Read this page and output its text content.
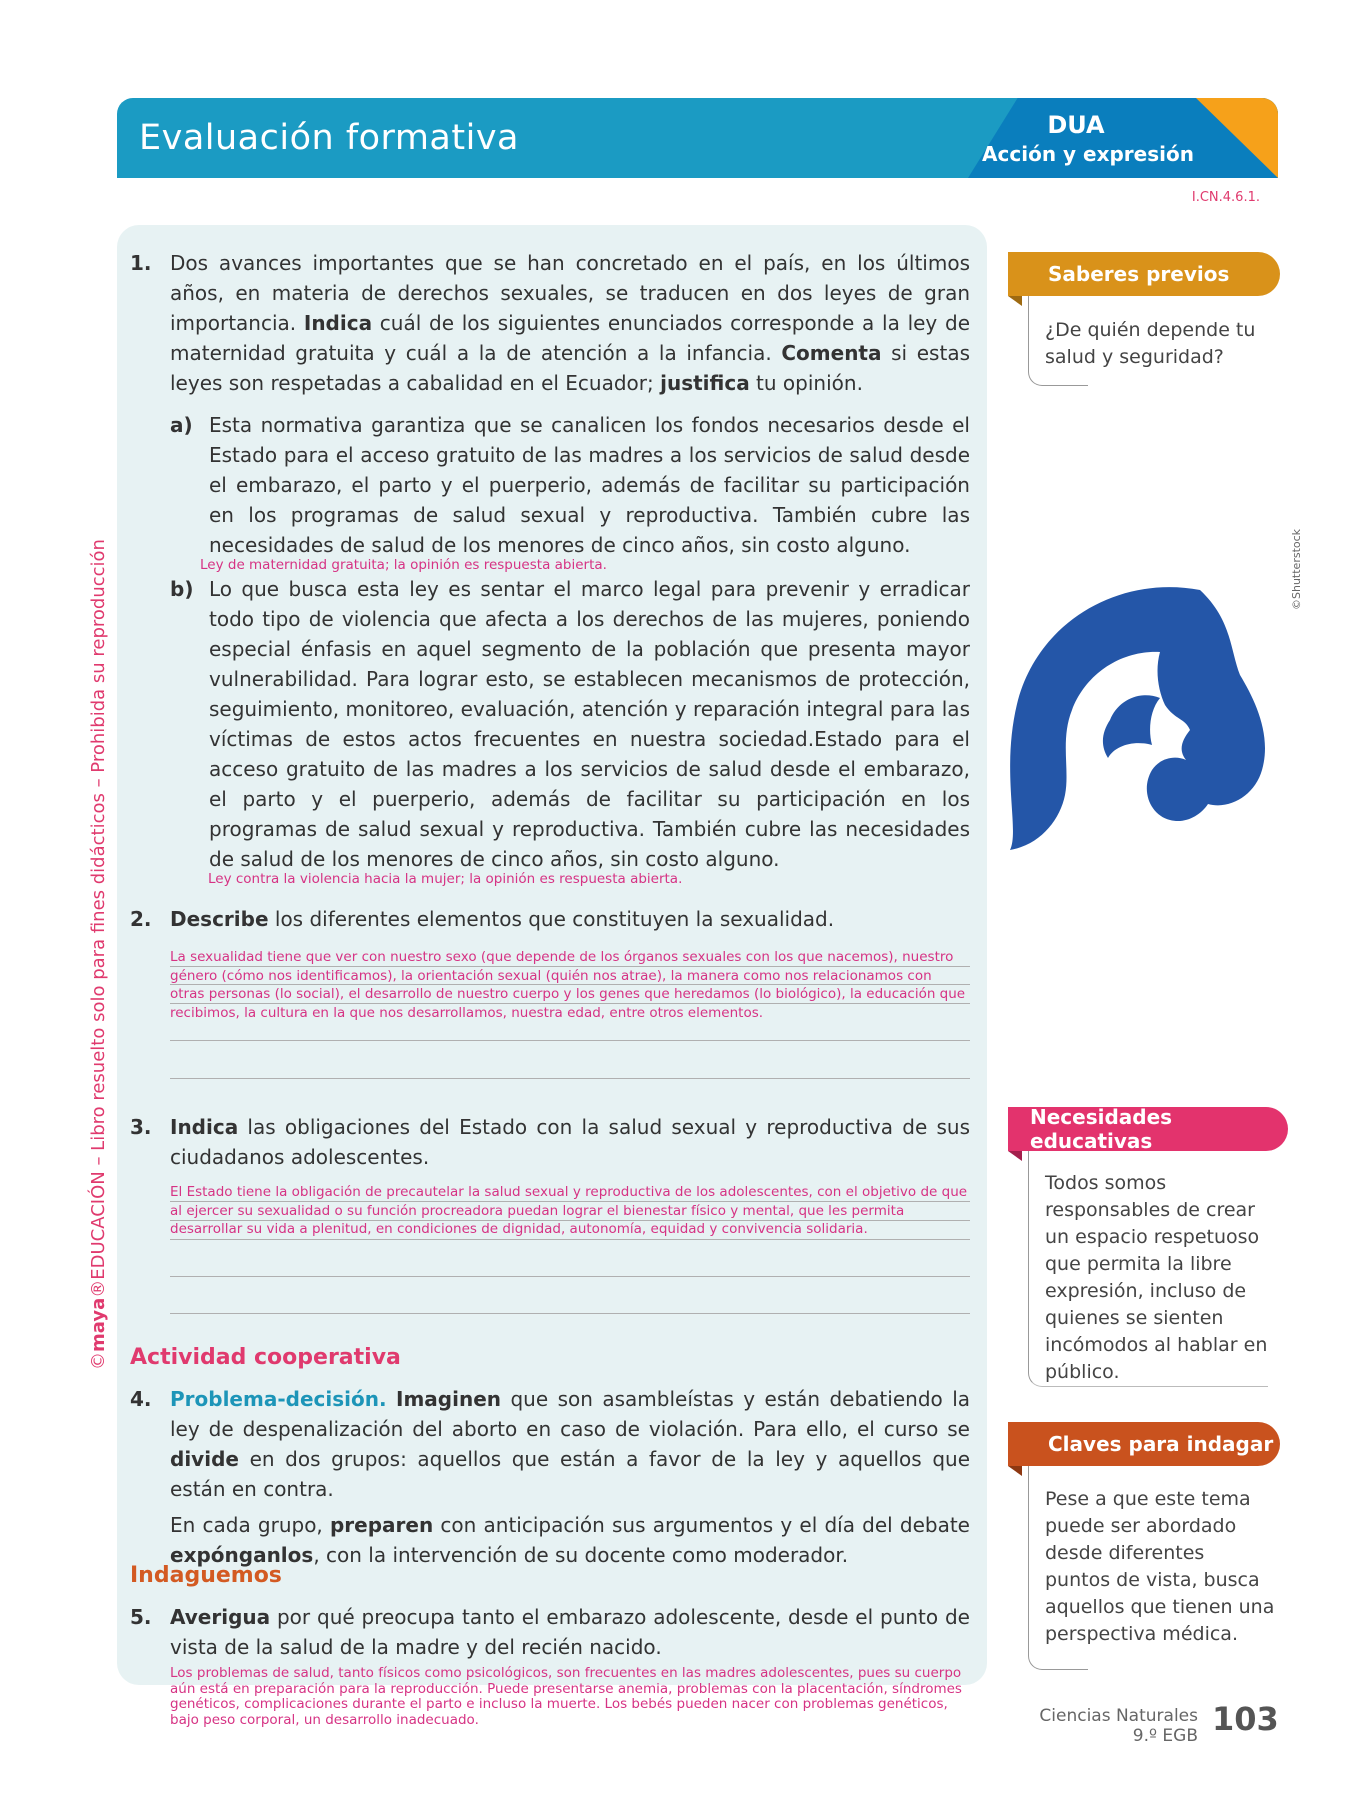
Evaluación formativa	DUA
Acción y expresión
I.CN.4.6.1.
©maya®EDUCACIÓN – Libro resuelto solo para fines didácticos – Prohibida su reproducción
1. Dos avances importantes que se han concretado en el país, en los últimos años, en materia de derechos sexuales, se traducen en dos leyes de gran importancia. Indica cuál de los siguientes enunciados corresponde a la ley de maternidad gratuita y cuál a la de atención a la infancia. Comenta si estas leyes son respetadas a cabalidad en el Ecuador; justifica tu opinión.
a) Esta normativa garantiza que se canalicen los fondos necesarios desde el Estado para el acceso gratuito de las madres a los servicios de salud desde el embarazo, el parto y el puerperio, además de facilitar su participación en los programas de salud sexual y reproductiva. También cubre las necesidades de salud de los menores de cinco años, sin costo alguno.
Ley de maternidad gratuita; la opinión es respuesta abierta.
b) Lo que busca esta ley es sentar el marco legal para prevenir y erradicar todo tipo de violencia que afecta a los derechos de las mujeres, poniendo especial énfasis en aquel segmento de la población que presenta mayor vulnerabilidad. Para lograr esto, se establecen mecanismos de protección, seguimiento, monitoreo, evaluación, atención y reparación integral para las víctimas de estos actos frecuentes en nuestra sociedad.Estado para el acceso gratuito de las madres a los servicios de salud desde el embarazo, el parto y el puerperio, además de facilitar su participación en los programas de salud sexual y reproductiva. También cubre las necesidades de salud de los menores de cinco años, sin costo alguno.
Ley contra la violencia hacia la mujer; la opinión es respuesta abierta.
2. Describe los diferentes elementos que constituyen la sexualidad.
La sexualidad tiene que ver con nuestro sexo (que depende de los órganos sexuales con los que nacemos), nuestro género (cómo nos identificamos), la orientación sexual (quién nos atrae), la manera como nos relacionamos con otras personas (lo social), el desarrollo de nuestro cuerpo y los genes que heredamos (lo biológico), la educación que recibimos, la cultura en la que nos desarrollamos, nuestra edad, entre otros elementos.
3. Indica las obligaciones del Estado con la salud sexual y reproductiva de sus ciudadanos adolescentes.
El Estado tiene la obligación de precautelar la salud sexual y reproductiva de los adolescentes, con el objetivo de que al ejercer su sexualidad o su función procreadora puedan lograr el bienestar físico y mental, que les permita desarrollar su vida a plenitud, en condiciones de dignidad, autonomía, equidad y convivencia solidaria.
Actividad cooperativa
4. Problema-decisión. Imaginen que son asambleístas y están debatiendo la ley de despenalización del aborto en caso de violación. Para ello, el curso se divide en dos grupos: aquellos que están a favor de la ley y aquellos que están en contra.
En cada grupo, preparen con anticipación sus argumentos y el día del debate expónganlos, con la intervención de su docente como moderador.
Indaguemos
5. Averigua por qué preocupa tanto el embarazo adolescente, desde el punto de vista de la salud de la madre y del recién nacido.
Los problemas de salud, tanto físicos como psicológicos, son frecuentes en las madres adolescentes, pues su cuerpo aún está en preparación para la reproducción. Puede presentarse anemia, problemas con la placentación, síndromes genéticos, complicaciones durante el parto e incluso la muerte. Los bebés pueden nacer con problemas genéticos, bajo peso corporal, un desarrollo inadecuado.
Saberes previos
¿De quién depende tu salud y seguridad?
©Shutterstock
Necesidades educativas
Todos somos responsables de crear un espacio respetuoso que permita la libre expresión, incluso de quienes se sienten incómodos al hablar en público.
Claves para indagar
Pese a que este tema puede ser abordado desde diferentes puntos de vista, busca aquellos que tienen una perspectiva médica.
Ciencias Naturales
9.º EGB 103
